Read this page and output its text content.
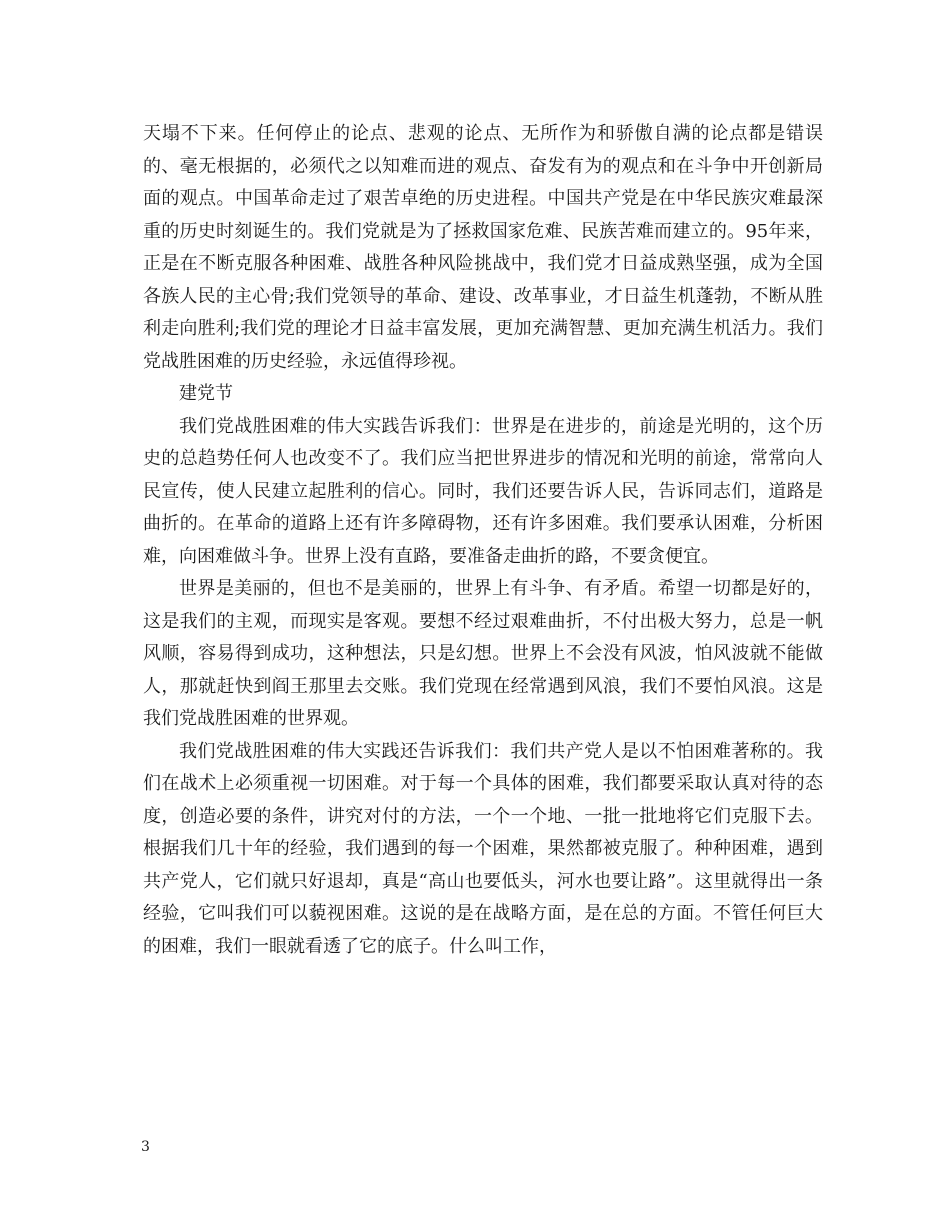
天塌不下来。任何停止的论点、悲观的论点、无所作为和骄傲自满的论点都是错误的、毫无根据的，必须代之以知难而进的观点、奋发有为的观点和在斗争中开创新局面的观点。中国革命走过了艰苦卓绝的历史进程。中国共产党是在中华民族灾难最深重的历史时刻诞生的。我们党就是为了拯救国家危难、民族苦难而建立的。95年来，正是在不断克服各种困难、战胜各种风险挑战中，我们党才日益成熟坚强，成为全国各族人民的主心骨;我们党领导的革命、建设、改革事业，才日益生机蓬勃，不断从胜利走向胜利;我们党的理论才日益丰富发展，更加充满智慧、更加充满生机活力。我们党战胜困难的历史经验，永远值得珍视。

建党节

我们党战胜困难的伟大实践告诉我们：世界是在进步的，前途是光明的，这个历史的总趋势任何人也改变不了。我们应当把世界进步的情况和光明的前途，常常向人民宣传，使人民建立起胜利的信心。同时，我们还要告诉人民，告诉同志们，道路是曲折的。在革命的道路上还有许多障碍物，还有许多困难。我们要承认困难，分析困难，向困难做斗争。世界上没有直路，要准备走曲折的路，不要贪便宜。

世界是美丽的，但也不是美丽的，世界上有斗争、有矛盾。希望一切都是好的，这是我们的主观，而现实是客观。要想不经过艰难曲折，不付出极大努力，总是一帆风顺，容易得到成功，这种想法，只是幻想。世界上不会没有风波，怕风波就不能做人，那就赶快到阎王那里去交账。我们党现在经常遇到风浪，我们不要怕风浪。这是我们党战胜困难的世界观。

我们党战胜困难的伟大实践还告诉我们：我们共产党人是以不怕困难著称的。我们在战术上必须重视一切困难。对于每一个具体的困难，我们都要采取认真对待的态度，创造必要的条件，讲究对付的方法，一个一个地、一批一批地将它们克服下去。根据我们几十年的经验，我们遇到的每一个困难，果然都被克服了。种种困难，遇到共产党人，它们就只好退却，真是“高山也要低头，河水也要让路”。这里就得出一条经验，它叫我们可以藐视困难。这说的是在战略方面，是在总的方面。不管任何巨大的困难，我们一眼就看透了它的底子。什么叫工作，

3
